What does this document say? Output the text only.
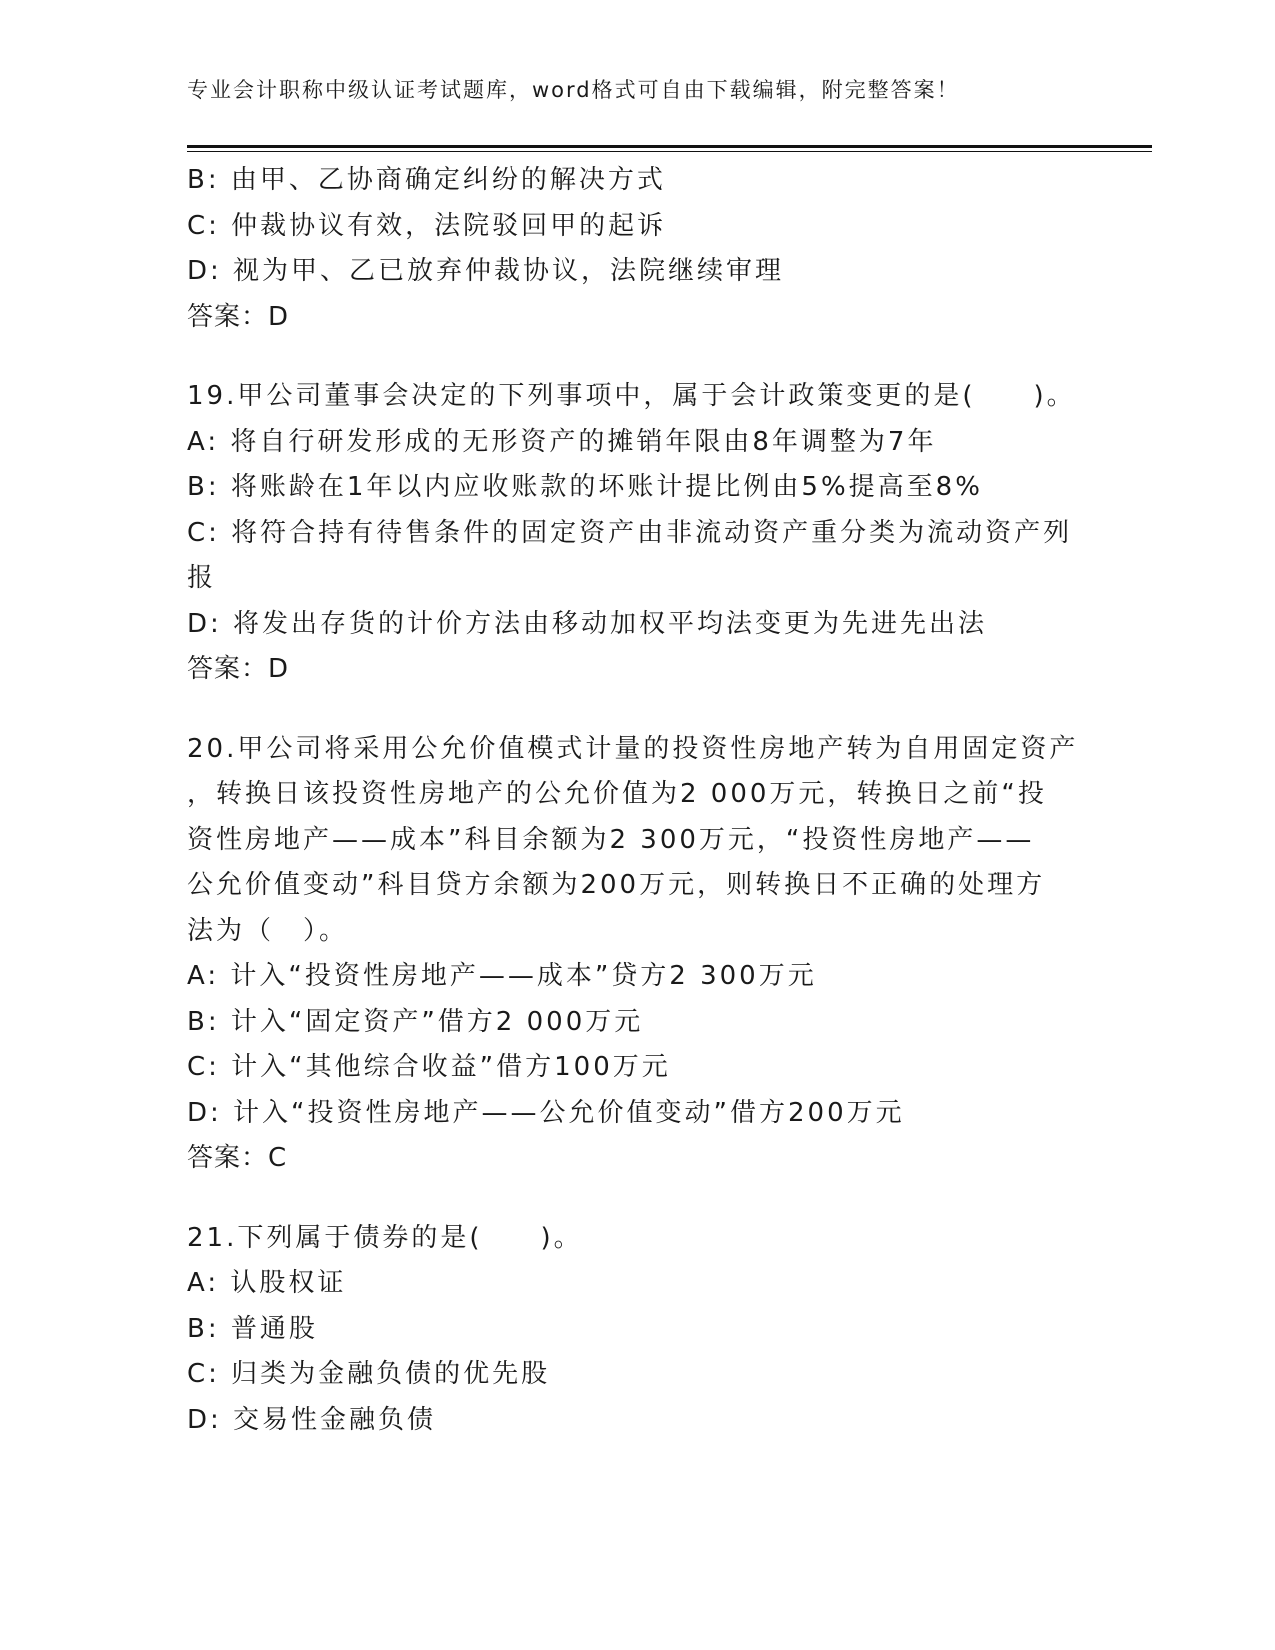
专业会计职称中级认证考试题库，word格式可自由下载编辑，附完整答案！
B: 由甲、乙协商确定纠纷的解决方式
C: 仲裁协议有效，法院驳回甲的起诉
D: 视为甲、乙已放弃仲裁协议，法院继续审理
答案：D
19.甲公司董事会决定的下列事项中，属于会计政策变更的是(　　)。
A: 将自行研发形成的无形资产的摊销年限由8年调整为7年
B: 将账龄在1年以内应收账款的坏账计提比例由5%提高至8%
C: 将符合持有待售条件的固定资产由非流动资产重分类为流动资产列
报
D: 将发出存货的计价方法由移动加权平均法变更为先进先出法
答案：D
20.甲公司将采用公允价值模式计量的投资性房地产转为自用固定资产
，转换日该投资性房地产的公允价值为2 000万元，转换日之前“投
资性房地产——成本”科目余额为2 300万元，“投资性房地产——
公允价值变动”科目贷方余额为200万元，则转换日不正确的处理方
法为（　）。
A: 计入“投资性房地产——成本”贷方2 300万元
B: 计入“固定资产”借方2 000万元
C: 计入“其他综合收益”借方100万元
D: 计入“投资性房地产——公允价值变动”借方200万元
答案：C
21.下列属于债券的是(　　)。
A: 认股权证
B: 普通股
C: 归类为金融负债的优先股
D: 交易性金融负债
